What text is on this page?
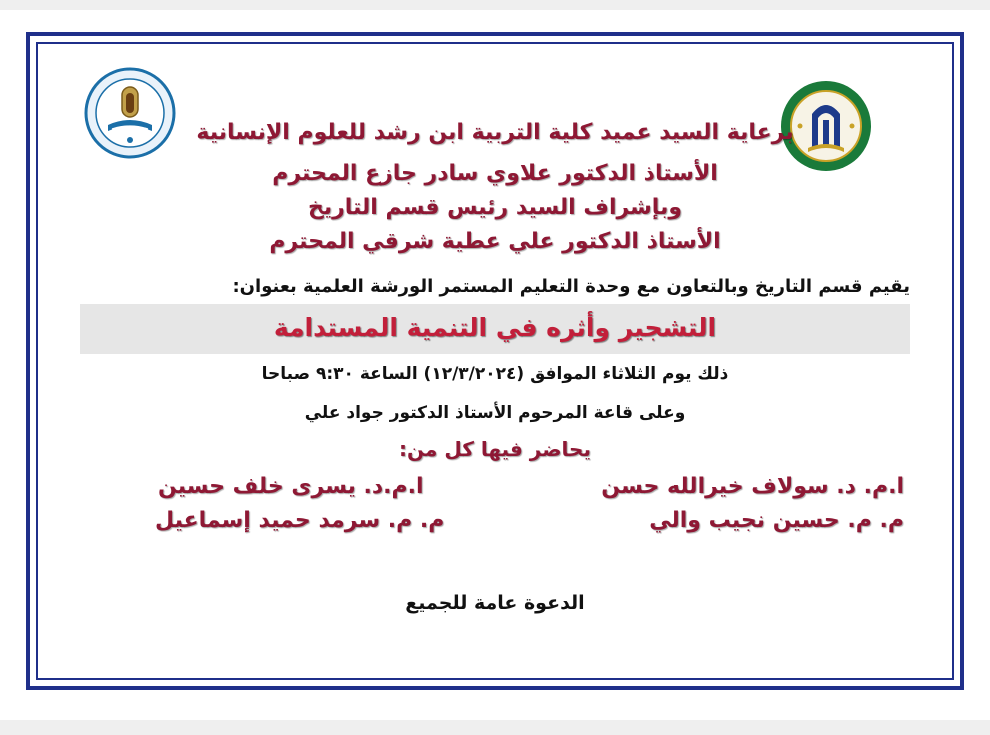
برعاية السيد عميد كلية التربية ابن رشد للعلوم الإنسانية
الأستاذ الدكتور علاوي سادر جازع المحترم
وبإشراف السيد رئيس قسم التاريخ
الأستاذ الدكتور علي عطية شرقي المحترم
يقيم قسم التاريخ وبالتعاون مع وحدة التعليم المستمر الورشة العلمية بعنوان:
التشجير وأثره في التنمية المستدامة
ذلك يوم الثلاثاء الموافق (١٢/٣/٢٠٢٤) الساعة ٩:٣٠ صباحا
وعلى قاعة المرحوم الأستاذ الدكتور جواد علي
يحاضر فيها كل من:
ا.م. د. سولاف خيرالله حسن
ا.م.د. يسرى خلف حسين
م. م. حسين نجيب والي
م. م. سرمد حميد إسماعيل
الدعوة عامة للجميع
